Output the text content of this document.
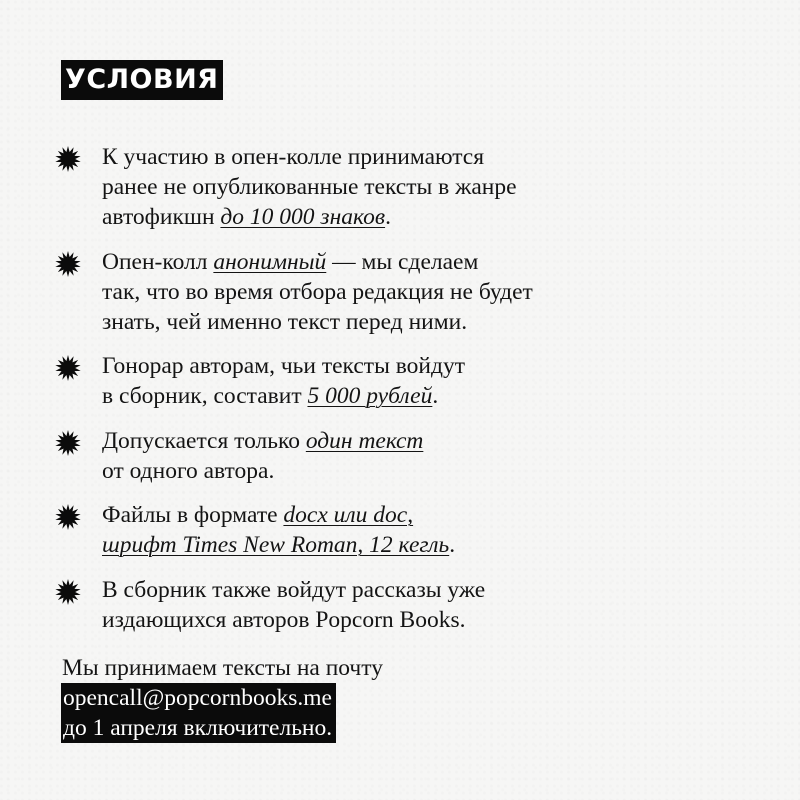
УСЛОВИЯ
К участию в опен-колле принимаются
ранее не опубликованные тексты в жанре
автофикшн до 10 000 знаков.
Опен-колл анонимный — мы сделаем
так, что во время отбора редакция не будет
знать, чей именно текст перед ними.
Гонорар авторам, чьи тексты войдут
в сборник, составит 5 000 рублей.
Допускается только один текст
от одного автора.
Файлы в формате docx или doc,
шрифт Times New Roman, 12 кегль.
В сборник также войдут рассказы уже
издающихся авторов Popcorn Books.
Мы принимаем тексты на почту
opencall@popcornbooks.me
до 1 апреля включительно.
